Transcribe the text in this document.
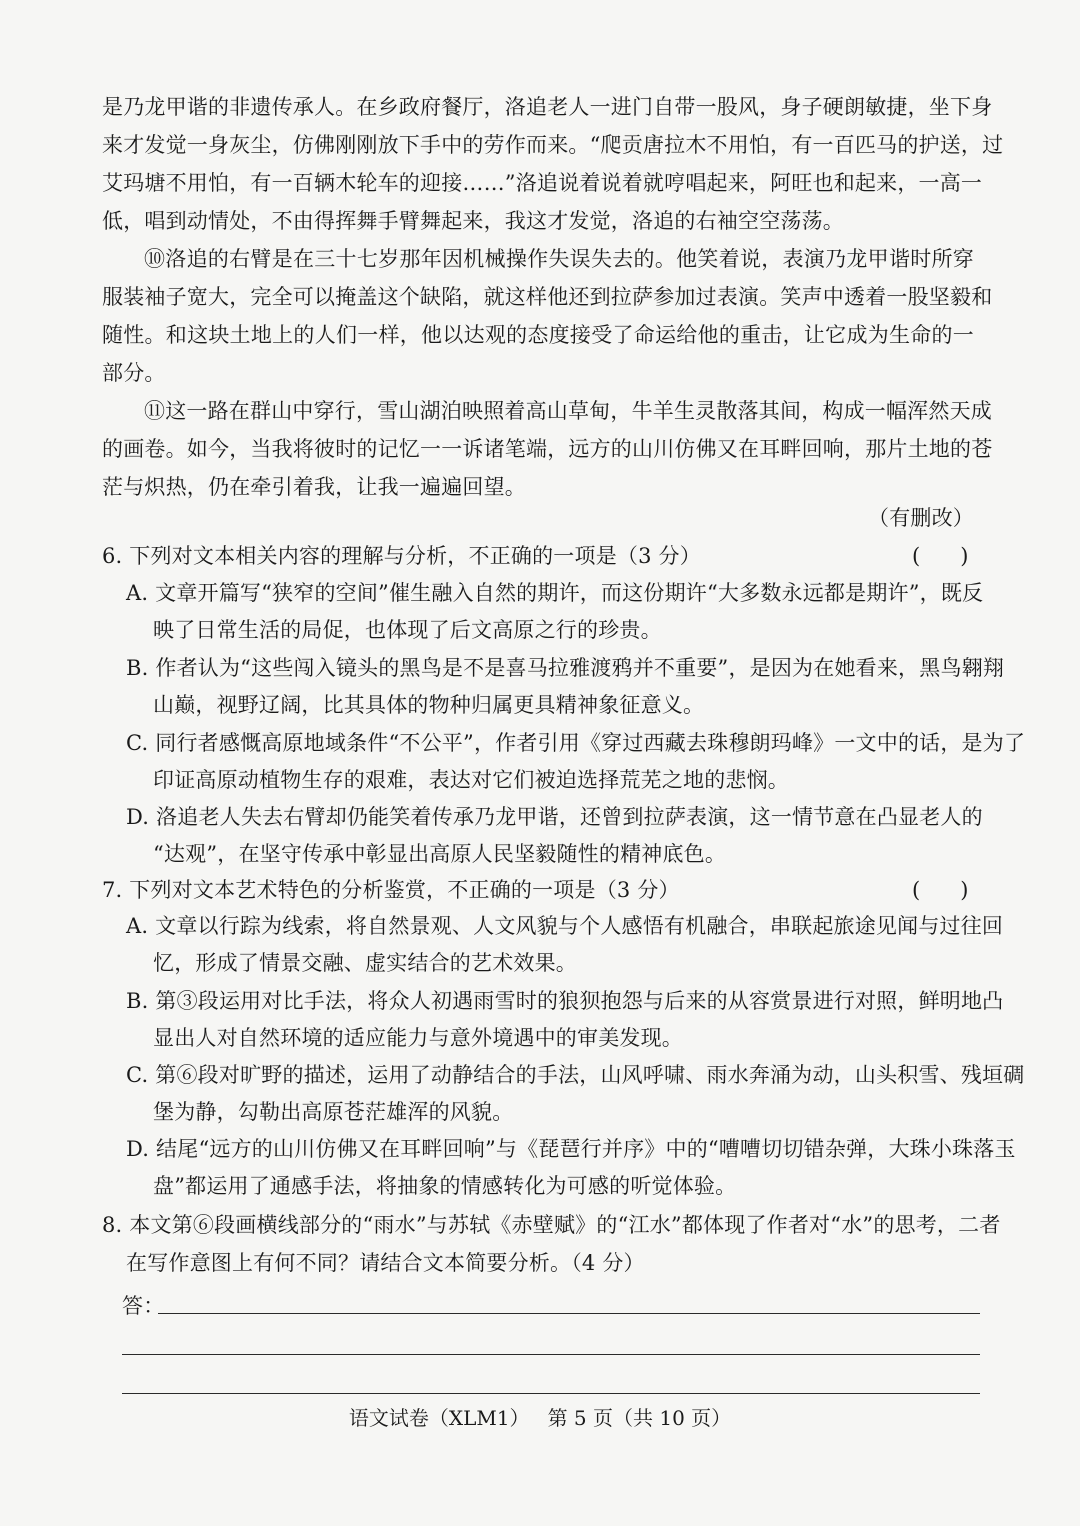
是乃龙甲谐的非遗传承人。在乡政府餐厅，洛追老人一进门自带一股风，身子硬朗敏捷，坐下身
来才发觉一身灰尘，仿佛刚刚放下手中的劳作而来。“爬贡唐拉木不用怕，有一百匹马的护送，过
艾玛塘不用怕，有一百辆木轮车的迎接……”洛追说着说着就哼唱起来，阿旺也和起来，一高一
低，唱到动情处，不由得挥舞手臂舞起来，我这才发觉，洛追的右袖空空荡荡。
⑩洛追的右臂是在三十七岁那年因机械操作失误失去的。他笑着说，表演乃龙甲谐时所穿
服装袖子宽大，完全可以掩盖这个缺陷，就这样他还到拉萨参加过表演。笑声中透着一股坚毅和
随性。和这块土地上的人们一样，他以达观的态度接受了命运给他的重击，让它成为生命的一
部分。
⑪这一路在群山中穿行，雪山湖泊映照着高山草甸，牛羊生灵散落其间，构成一幅浑然天成
的画卷。如今，当我将彼时的记忆一一诉诸笔端，远方的山川仿佛又在耳畔回响，那片土地的苍
茫与炽热，仍在牵引着我，让我一遍遍回望。
（有删改）
6. 下列对文本相关内容的理解与分析，不正确的一项是（3 分）	(      )
A. 文章开篇写“狭窄的空间”催生融入自然的期许，而这份期许“大多数永远都是期许”，既反
映了日常生活的局促，也体现了后文高原之行的珍贵。
B. 作者认为“这些闯入镜头的黑鸟是不是喜马拉雅渡鸦并不重要”，是因为在她看来，黑鸟翱翔
山巅，视野辽阔，比其具体的物种归属更具精神象征意义。
C. 同行者感慨高原地域条件“不公平”，作者引用《穿过西藏去珠穆朗玛峰》一文中的话，是为了
印证高原动植物生存的艰难，表达对它们被迫选择荒芜之地的悲悯。
D. 洛追老人失去右臂却仍能笑着传承乃龙甲谐，还曾到拉萨表演，这一情节意在凸显老人的
“达观”，在坚守传承中彰显出高原人民坚毅随性的精神底色。
7. 下列对文本艺术特色的分析鉴赏，不正确的一项是（3 分）	(      )
A. 文章以行踪为线索，将自然景观、人文风貌与个人感悟有机融合，串联起旅途见闻与过往回
忆，形成了情景交融、虚实结合的艺术效果。
B. 第③段运用对比手法，将众人初遇雨雪时的狼狈抱怨与后来的从容赏景进行对照，鲜明地凸
显出人对自然环境的适应能力与意外境遇中的审美发现。
C. 第⑥段对旷野的描述，运用了动静结合的手法，山风呼啸、雨水奔涌为动，山头积雪、残垣碉
堡为静，勾勒出高原苍茫雄浑的风貌。
D. 结尾“远方的山川仿佛又在耳畔回响”与《琵琶行并序》中的“嘈嘈切切错杂弹，大珠小珠落玉
盘”都运用了通感手法，将抽象的情感转化为可感的听觉体验。
8. 本文第⑥段画横线部分的“雨水”与苏轼《赤壁赋》的“江水”都体现了作者对“水”的思考，二者
在写作意图上有何不同？请结合文本简要分析。（4 分）
答：
语文试卷（XLM1） 第 5 页（共 10 页）
